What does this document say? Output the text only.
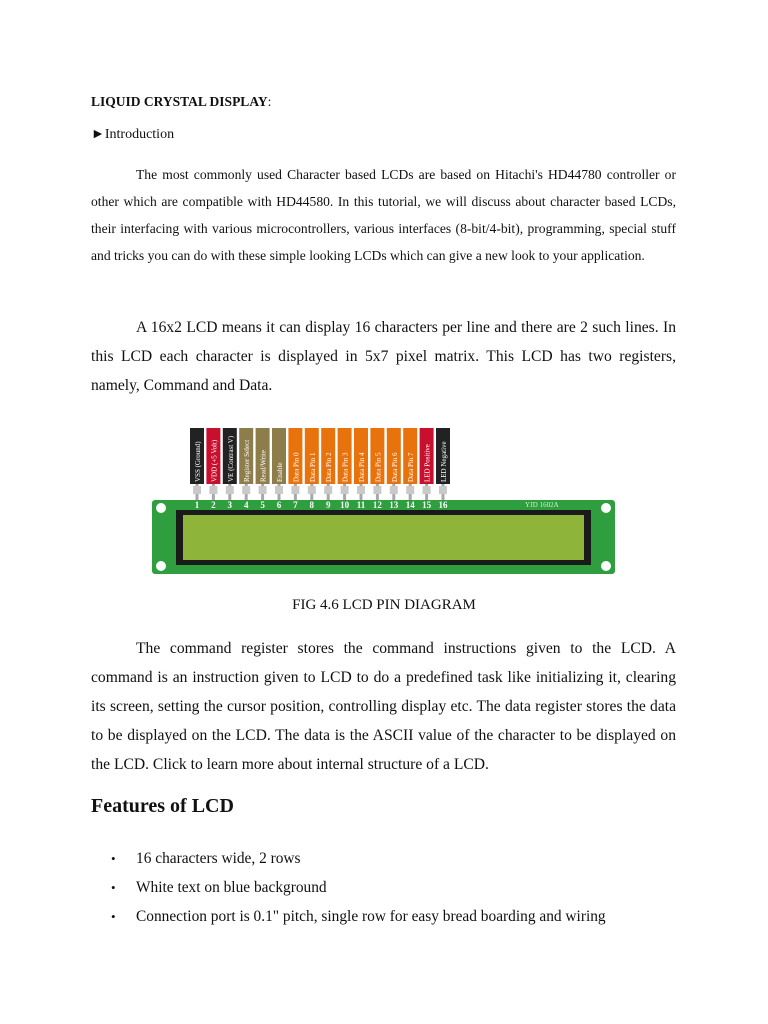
LIQUID CRYSTAL DISPLAY:
►Introduction

The most commonly used Character based LCDs are based on Hitachi's HD44780 controller or other which are compatible with HD44580. In this tutorial, we will discuss about character based LCDs, their interfacing with various microcontrollers, various interfaces (8-bit/4-bit), programming, special stuff and tricks you can do with these simple looking LCDs which can give a new look to your application.

A 16x2 LCD means it can display 16 characters per line and there are 2 such lines. In this LCD each character is displayed in 5x7 pixel matrix. This LCD has two registers, namely, Command and Data.

VSS (Ground) VDD (+5 Volt) VE (Contrast V) Register Select Read/Write Enable Data Pin 0 Data Pin 1 Data Pin 2 Data Pin 3 Data Pin 4 Data Pin 5 Data Pin 6 Data Pin 7 LED Positive LED Negative
YJD 1602A
1 2 3 4 5 6 7 8 9 10 11 12 13 14 15 16
FIG 4.6 LCD PIN DIAGRAM

The command register stores the command instructions given to the LCD. A command is an instruction given to LCD to do a predefined task like initializing it, clearing its screen, setting the cursor position, controlling display etc. The data register stores the data to be displayed on the LCD. The data is the ASCII value of the character to be displayed on the LCD. Click to learn more about internal structure of a LCD.

Features of LCD
• 16 characters wide, 2 rows
• White text on blue background
• Connection port is 0.1" pitch, single row for easy bread boarding and wiring
